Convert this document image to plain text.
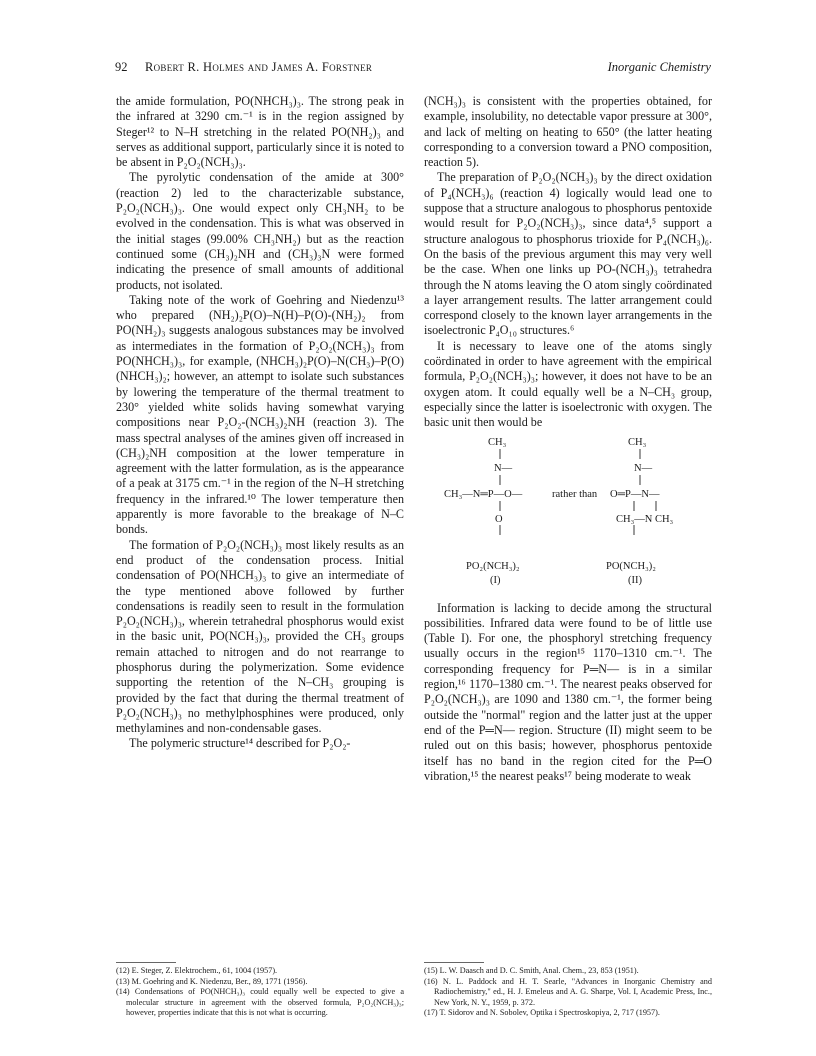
92 Robert R. Holmes and James A. Forstner	Inorganic Chemistry

the amide formulation, PO(NHCH₃)₃. The strong peak in the infrared at 3290 cm.⁻¹ is in the region assigned by Steger¹² to N–H stretching in the related PO(NH₂)₃ and serves as additional support, particularly since it is noted to be absent in P₂O₂(NCH₃)₃.

The pyrolytic condensation of the amide at 300° (reaction 2) led to the characterizable substance, P₂O₂(NCH₃)₃. One would expect only CH₃NH₂ to be evolved in the condensation. This is what was observed in the initial stages (99.00% CH₃NH₂) but as the reaction continued some (CH₃)₂NH and (CH₃)₃N were formed indicating the presence of small amounts of additional products, not isolated.

Taking note of the work of Goehring and Niedenzu¹³ who prepared (NH₂)₂P(O)–N(H)–P(O)-(NH₂)₂ from PO(NH₂)₃ suggests analogous substances may be involved as intermediates in the formation of P₂O₂(NCH₃)₃ from PO(NHCH₃)₃, for example, (NHCH₃)₂P(O)–N(CH₃)–P(O)(NHCH₃)₂; however, an attempt to isolate such substances by lowering the temperature of the thermal treatment to 230° yielded white solids having somewhat varying compositions near P₂O₂-(NCH₃)₂NH (reaction 3). The mass spectral analyses of the amines given off increased in (CH₃)₂NH composition at the lower temperature in agreement with the latter formulation, as is the appearance of a peak at 3175 cm.⁻¹ in the region of the N–H stretching frequency in the infrared.¹⁰ The lower temperature then apparently is more favorable to the breakage of N–C bonds.

The formation of P₂O₂(NCH₃)₃ most likely results as an end product of the condensation process. Initial condensation of PO(NHCH₃)₃ to give an intermediate of the type mentioned above followed by further condensations is readily seen to result in the formulation P₂O₂(NCH₃)₃, wherein tetrahedral phosphorus would exist in the basic unit, PO(NCH₃)₃, provided the CH₃ groups remain attached to nitrogen and do not rearrange to phosphorus during the polymerization. Some evidence supporting the retention of the N–CH₃ grouping is provided by the fact that during the thermal treatment of P₂O₂(NCH₃)₃ no methylphosphines were produced, only methylamines and non-condensable gases.

The polymeric structure¹⁴ described for P₂O₂-

(NCH₃)₃ is consistent with the properties obtained, for example, insolubility, no detectable vapor pressure at 300°, and lack of melting on heating to 650° (the latter heating corresponding to a conversion toward a PNO composition, reaction 5).

The preparation of P₂O₂(NCH₃)₃ by the direct oxidation of P₄(NCH₃)₆ (reaction 4) logically would lead one to suppose that a structure analogous to phosphorus pentoxide would result for P₂O₂(NCH₃)₃, since data⁴,⁵ support a structure analogous to phosphorus trioxide for P₄(NCH₃)₆. On the basis of the previous argument this may very well be the case. When one links up PO-(NCH₃)₃ tetrahedra through the N atoms leaving the O atom singly coördinated a layer arrangement results. The latter arrangement could correspond closely to the known layer arrangements in the isoelectronic P₄O₁₀ structures.⁶

It is necessary to leave one of the atoms singly coördinated in order to have agreement with the empirical formula, P₂O₂(NCH₃)₃; however, it does not have to be an oxygen atom. It could equally well be a N–CH₃ group, especially since the latter is isoelectronic with oxygen. The basic unit then would be

CH₃
N—
CH₃—N═P—O—
O
rather than
CH₃
N—
O═P—N—
CH₃—N CH₃
PO₂(NCH₃)₂
(I)
PO(NCH₃)₂
(II)

Information is lacking to decide among the structural possibilities. Infrared data were found to be of little use (Table I). For one, the phosphoryl stretching frequency usually occurs in the region¹⁵ 1170–1310 cm.⁻¹. The corresponding frequency for P═N— is in a similar region,¹⁶ 1170–1380 cm.⁻¹. The nearest peaks observed for P₂O₂(NCH₃)₃ are 1090 and 1380 cm.⁻¹, the former being outside the "normal" region and the latter just at the upper end of the P═N— region. Structure (II) might seem to be ruled out on this basis; however, phosphorus pentoxide itself has no band in the region cited for the P═O vibration,¹⁵ the nearest peaks¹⁷ being moderate to weak

(12) E. Steger, Z. Elektrochem., 61, 1004 (1957).

(13) M. Goehring and K. Niedenzu, Ber., 89, 1771 (1956).

(14) Condensations of PO(NHCH₃)₃ could equally well be expected to give a molecular structure in agreement with the observed formula, P₂O₂(NCH₃)₃; however, properties indicate that this is not what is occurring.

(15) L. W. Daasch and D. C. Smith, Anal. Chem., 23, 853 (1951).

(16) N. L. Paddock and H. T. Searle, "Advances in Inorganic Chemistry and Radiochemistry," ed., H. J. Emeleus and A. G. Sharpe, Vol. I, Academic Press, Inc., New York, N. Y., 1959, p. 372.

(17) T. Sidorov and N. Sobolev, Optika i Spectroskopiya, 2, 717 (1957).
